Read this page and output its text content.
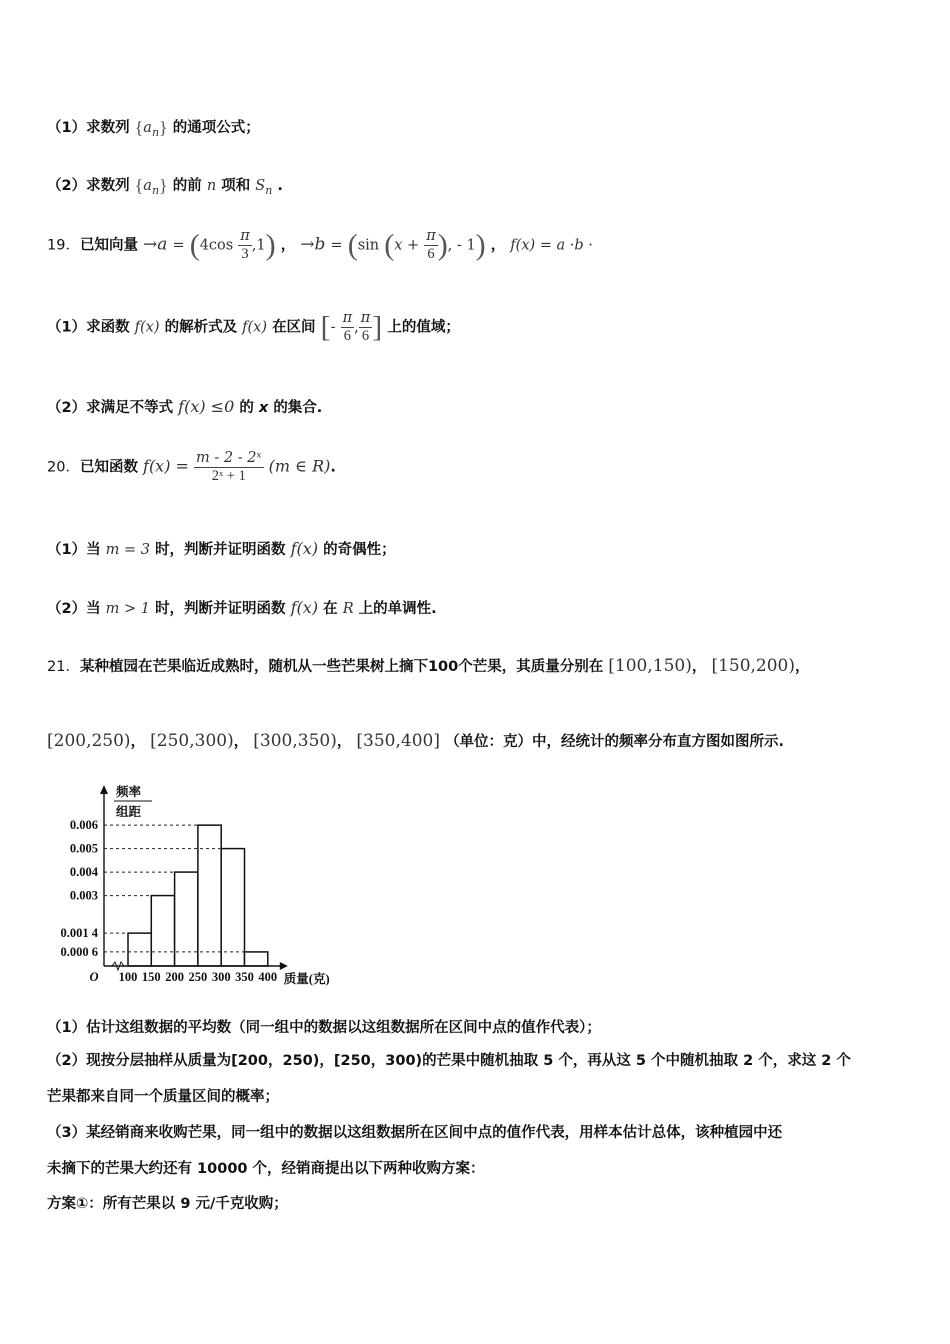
（1）求数列 $\{a_n\}$ 的通项公式；
（2）求数列 $\{a_n\}$ 的前 n 项和 $S_n$ .
19．已知向量 $\to a = (4\cos \frac{\pi}{3} ,1)$ ， →b = (sin ($x + \frac{\pi}{6}$ ), - 1) ， f(x) = a ·b ·
（1）求函数 f(x) 的解析式及 f(x) 在区间 [- $\frac{\pi}{6}$ , $\frac{\pi}{6}$ ] 上的值域；
（2）求满足不等式 f(x) ≤0 的 x 的集合.
20．已知函数 $f(x) = \frac{\text{m - 2 - 2ˣ}}{\text{2ˣ + 1}} (m$ ∈ R).
（1）当 m = 3 时，判断并证明函数 f(x) 的奇偶性；
（2）当 m > 1 时，判断并证明函数 f(x) 在 R 上的单调性.
21．某种植园在芒果临近成熟时，随机从一些芒果树上摘下100个芒果，其质量分别在 [100,150)， [150,200)，
[200,250)， [250,300)， [300,350)， [350,400] （单位：克）中，经统计的频率分布直方图如图所示.
频率
组距
0.006
0.005
0.004
0.003
0.001 4
0.000 6
100 150 200 250 300 350 400
O	质量(克)
（1）估计这组数据的平均数（同一组中的数据以这组数据所在区间中点的值作代表）；
（2）现按分层抽样从质量为[200，250)，[250，300)的芒果中随机抽取 5 个，再从这 5 个中随机抽取 2 个，求这 2 个
芒果都来自同一个质量区间的概率；
（3）某经销商来收购芒果，同一组中的数据以这组数据所在区间中点的值作代表，用样本估计总体，该种植园中还
未摘下的芒果大约还有 10000 个，经销商提出以下两种收购方案：
方案①：所有芒果以 9 元/千克收购；
